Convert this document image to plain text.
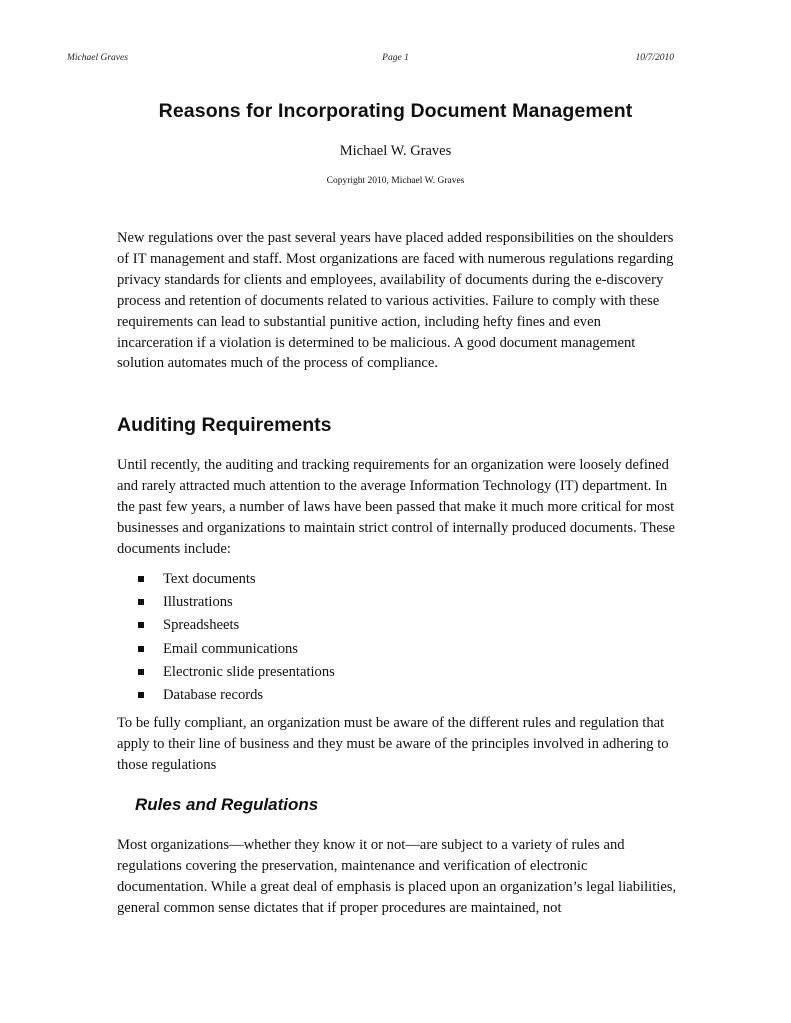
Michael Graves	Page 1	10/7/2010
Reasons for Incorporating Document Management
Michael W. Graves
Copyright 2010, Michael W. Graves

New regulations over the past several years have placed added responsibilities on the shoulders of IT management and staff. Most organizations are faced with numerous regulations regarding privacy standards for clients and employees, availability of documents during the e-discovery process and retention of documents related to various activities. Failure to comply with these requirements can lead to substantial punitive action, including hefty fines and even incarceration if a violation is determined to be malicious. A good document management solution automates much of the process of compliance.

Auditing Requirements

Until recently, the auditing and tracking requirements for an organization were loosely defined and rarely attracted much attention to the average Information Technology (IT) department. In the past few years, a number of laws have been passed that make it much more critical for most businesses and organizations to maintain strict control of internally produced documents. These documents include:

Text documents
Illustrations
Spreadsheets
Email communications
Electronic slide presentations
Database records

To be fully compliant, an organization must be aware of the different rules and regulation that apply to their line of business and they must be aware of the principles involved in adhering to those regulations

Rules and Regulations

Most organizations—whether they know it or not—are subject to a variety of rules and regulations covering the preservation, maintenance and verification of electronic documentation. While a great deal of emphasis is placed upon an organization’s legal liabilities, general common sense dictates that if proper procedures are maintained, not
